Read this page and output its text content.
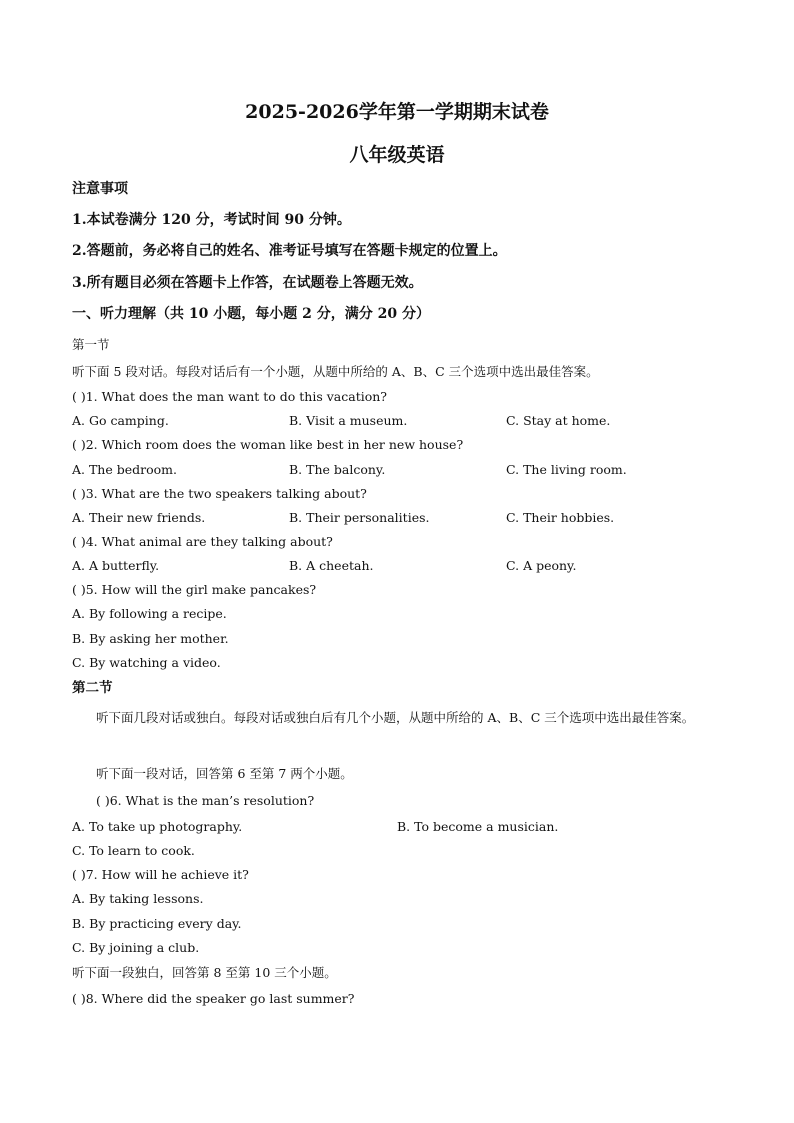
2025-2026学年第一学期期末试卷
八年级英语
注意事项
1.本试卷满分 120 分，考试时间 90 分钟。
2.答题前，务必将自己的姓名、准考证号填写在答题卡规定的位置上。
3.所有题目必须在答题卡上作答，在试题卷上答题无效。
一、听力理解（共 10 小题，每小题 2 分，满分 20 分）
第一节
听下面 5 段对话。每段对话后有一个小题，从题中所给的 A、B、C 三个选项中选出最佳答案。
( )1. What does the man want to do this vacation?
A. Go camping.	B. Visit a museum.	C. Stay at home.
( )2. Which room does the woman like best in her new house?
A. The bedroom.	B. The balcony.	C. The living room.
( )3. What are the two speakers talking about?
A. Their new friends.	B. Their personalities.	C. Their hobbies.
( )4. What animal are they talking about?
A. A butterfly.	B. A cheetah.	C. A peony.
( )5. How will the girl make pancakes?
A. By following a recipe.
B. By asking her mother.
C. By watching a video.
第二节
听下面几段对话或独白。每段对话或独白后有几个小题，从题中所给的 A、B、C 三个选项中选出最佳答案。
听下面一段对话，回答第 6 至第 7 两个小题。
( )6. What is the man’s resolution?
A. To take up photography.	B. To become a musician.
C. To learn to cook.
( )7. How will he achieve it?
A. By taking lessons.
B. By practicing every day.
C. By joining a club.
听下面一段独白，回答第 8 至第 10 三个小题。
( )8. Where did the speaker go last summer?
